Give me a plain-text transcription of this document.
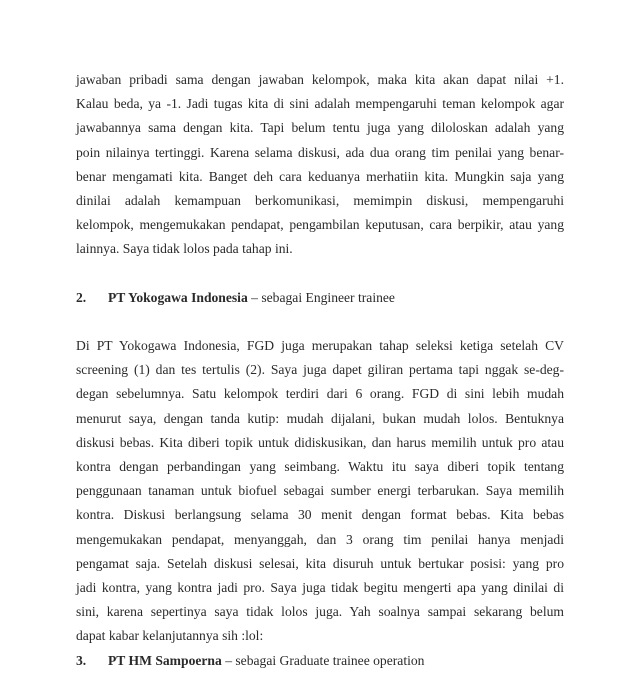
jawaban pribadi sama dengan jawaban kelompok, maka kita akan dapat nilai +1.
Kalau beda, ya -1. Jadi tugas kita di sini adalah mempengaruhi teman kelompok agar
jawabannya sama dengan kita. Tapi belum tentu juga yang diloloskan adalah yang
poin nilainya tertinggi. Karena selama diskusi, ada dua orang tim penilai yang benar-
benar mengamati kita. Banget deh cara keduanya merhatiin kita. Mungkin saja yang
dinilai adalah kemampuan berkomunikasi, memimpin diskusi, mempengaruhi
kelompok, mengemukakan pendapat, pengambilan keputusan, cara berpikir, atau yang
lainnya. Saya tidak lolos pada tahap ini.

2. PT Yokogawa Indonesia – sebagai Engineer trainee

Di PT Yokogawa Indonesia, FGD juga merupakan tahap seleksi ketiga setelah CV
screening (1) dan tes tertulis (2). Saya juga dapet giliran pertama tapi nggak se-deg-
degan sebelumnya. Satu kelompok terdiri dari 6 orang. FGD di sini lebih mudah
menurut saya, dengan tanda kutip: mudah dijalani, bukan mudah lolos. Bentuknya
diskusi bebas. Kita diberi topik untuk didiskusikan, dan harus memilih untuk pro atau
kontra dengan perbandingan yang seimbang. Waktu itu saya diberi topik tentang
penggunaan tanaman untuk biofuel sebagai sumber energi terbarukan. Saya memilih
kontra. Diskusi berlangsung selama 30 menit dengan format bebas. Kita bebas
mengemukakan pendapat, menyanggah, dan 3 orang tim penilai hanya menjadi
pengamat saja. Setelah diskusi selesai, kita disuruh untuk bertukar posisi: yang pro
jadi kontra, yang kontra jadi pro. Saya juga tidak begitu mengerti apa yang dinilai di
sini, karena sepertinya saya tidak lolos juga. Yah soalnya sampai sekarang belum
dapat kabar kelanjutannya sih :lol:

3. PT HM Sampoerna – sebagai Graduate trainee operation
